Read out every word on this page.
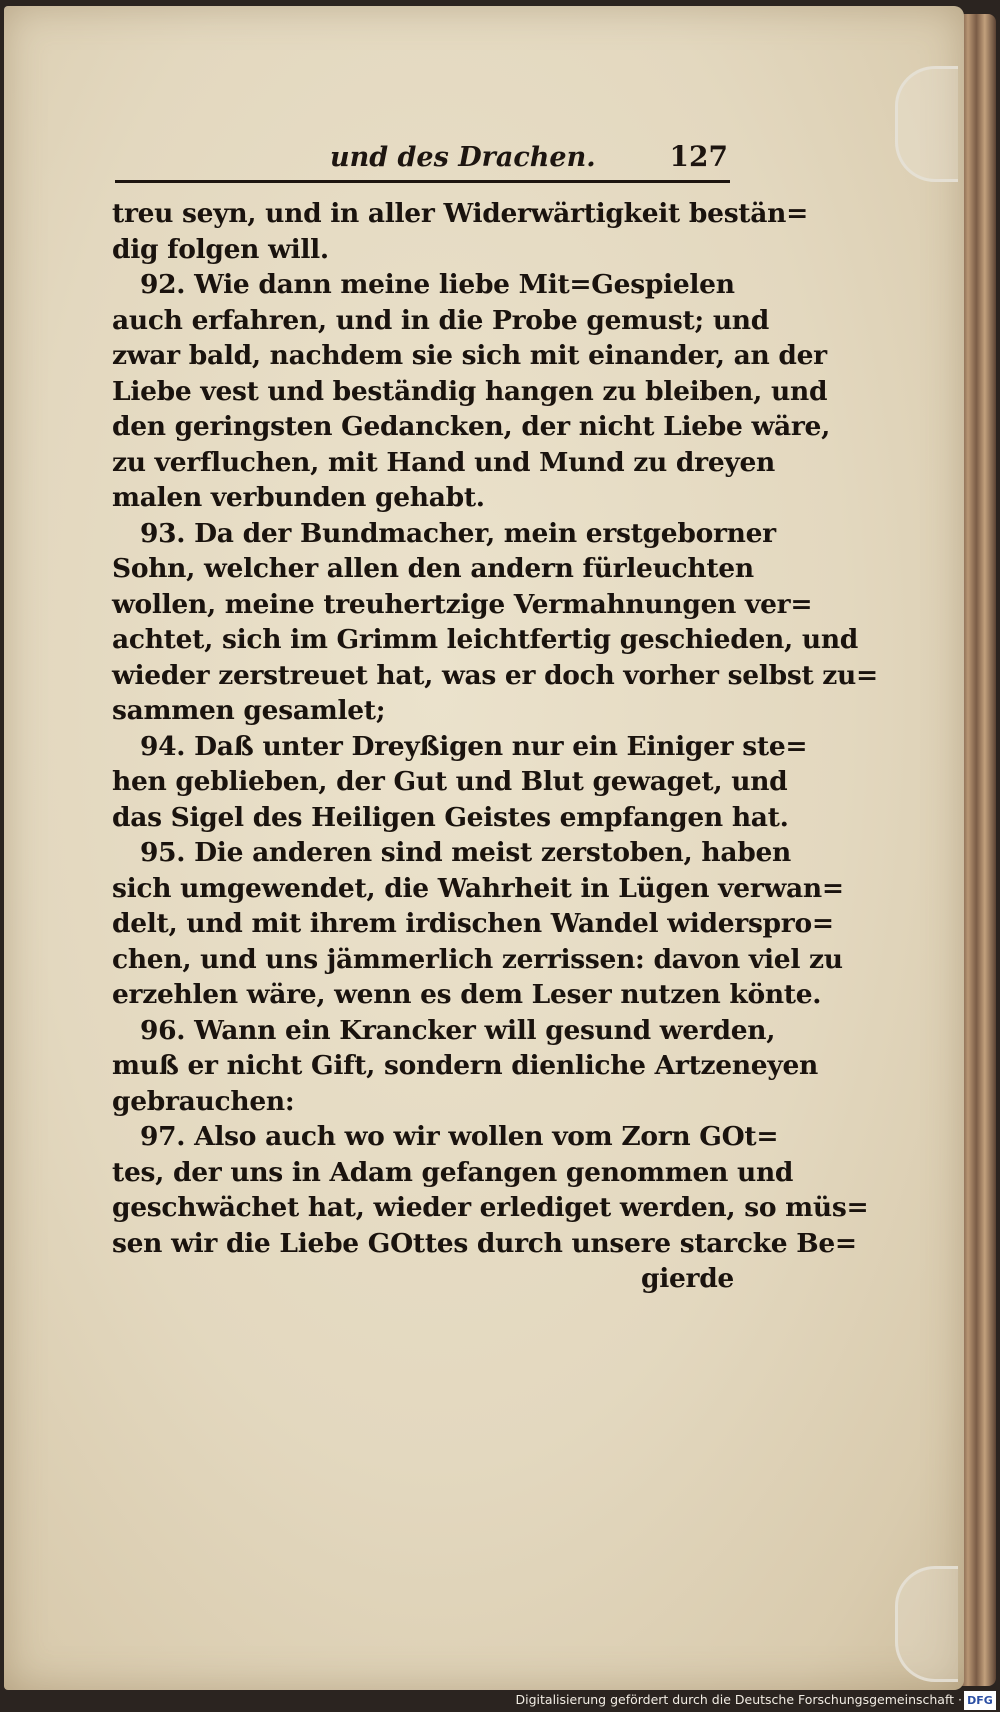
und des Drachen.	127
treu seyn, und in aller Widerwärtigkeit bestän=
dig folgen will.
92. Wie dann meine liebe Mit=Gespielen
auch erfahren, und in die Probe gemust; und
zwar bald, nachdem sie sich mit einander, an der
Liebe vest und beständig hangen zu bleiben, und
den geringsten Gedancken, der nicht Liebe wäre,
zu verfluchen, mit Hand und Mund zu dreyen
malen verbunden gehabt.
93. Da der Bundmacher, mein erstgeborner
Sohn, welcher allen den andern fürleuchten
wollen, meine treuhertzige Vermahnungen ver=
achtet, sich im Grimm leichtfertig geschieden, und
wieder zerstreuet hat, was er doch vorher selbst zu=
sammen gesamlet;
94. Daß unter Dreyßigen nur ein Einiger ste=
hen geblieben, der Gut und Blut gewaget, und
das Sigel des Heiligen Geistes empfangen hat.
95. Die anderen sind meist zerstoben, haben
sich umgewendet, die Wahrheit in Lügen verwan=
delt, und mit ihrem irdischen Wandel widerspro=
chen, und uns jämmerlich zerrissen: davon viel zu
erzehlen wäre, wenn es dem Leser nutzen könte.
96. Wann ein Krancker will gesund werden,
muß er nicht Gift, sondern dienliche Artzeneyen
gebrauchen:
97. Also auch wo wir wollen vom Zorn GOt=
tes, der uns in Adam gefangen genommen und
geschwächet hat, wieder erlediget werden, so müs=
sen wir die Liebe GOttes durch unsere starcke Be=
gierde
Digitalisierung gefördert durch die Deutsche Forschungsgemeinschaft · DFG
